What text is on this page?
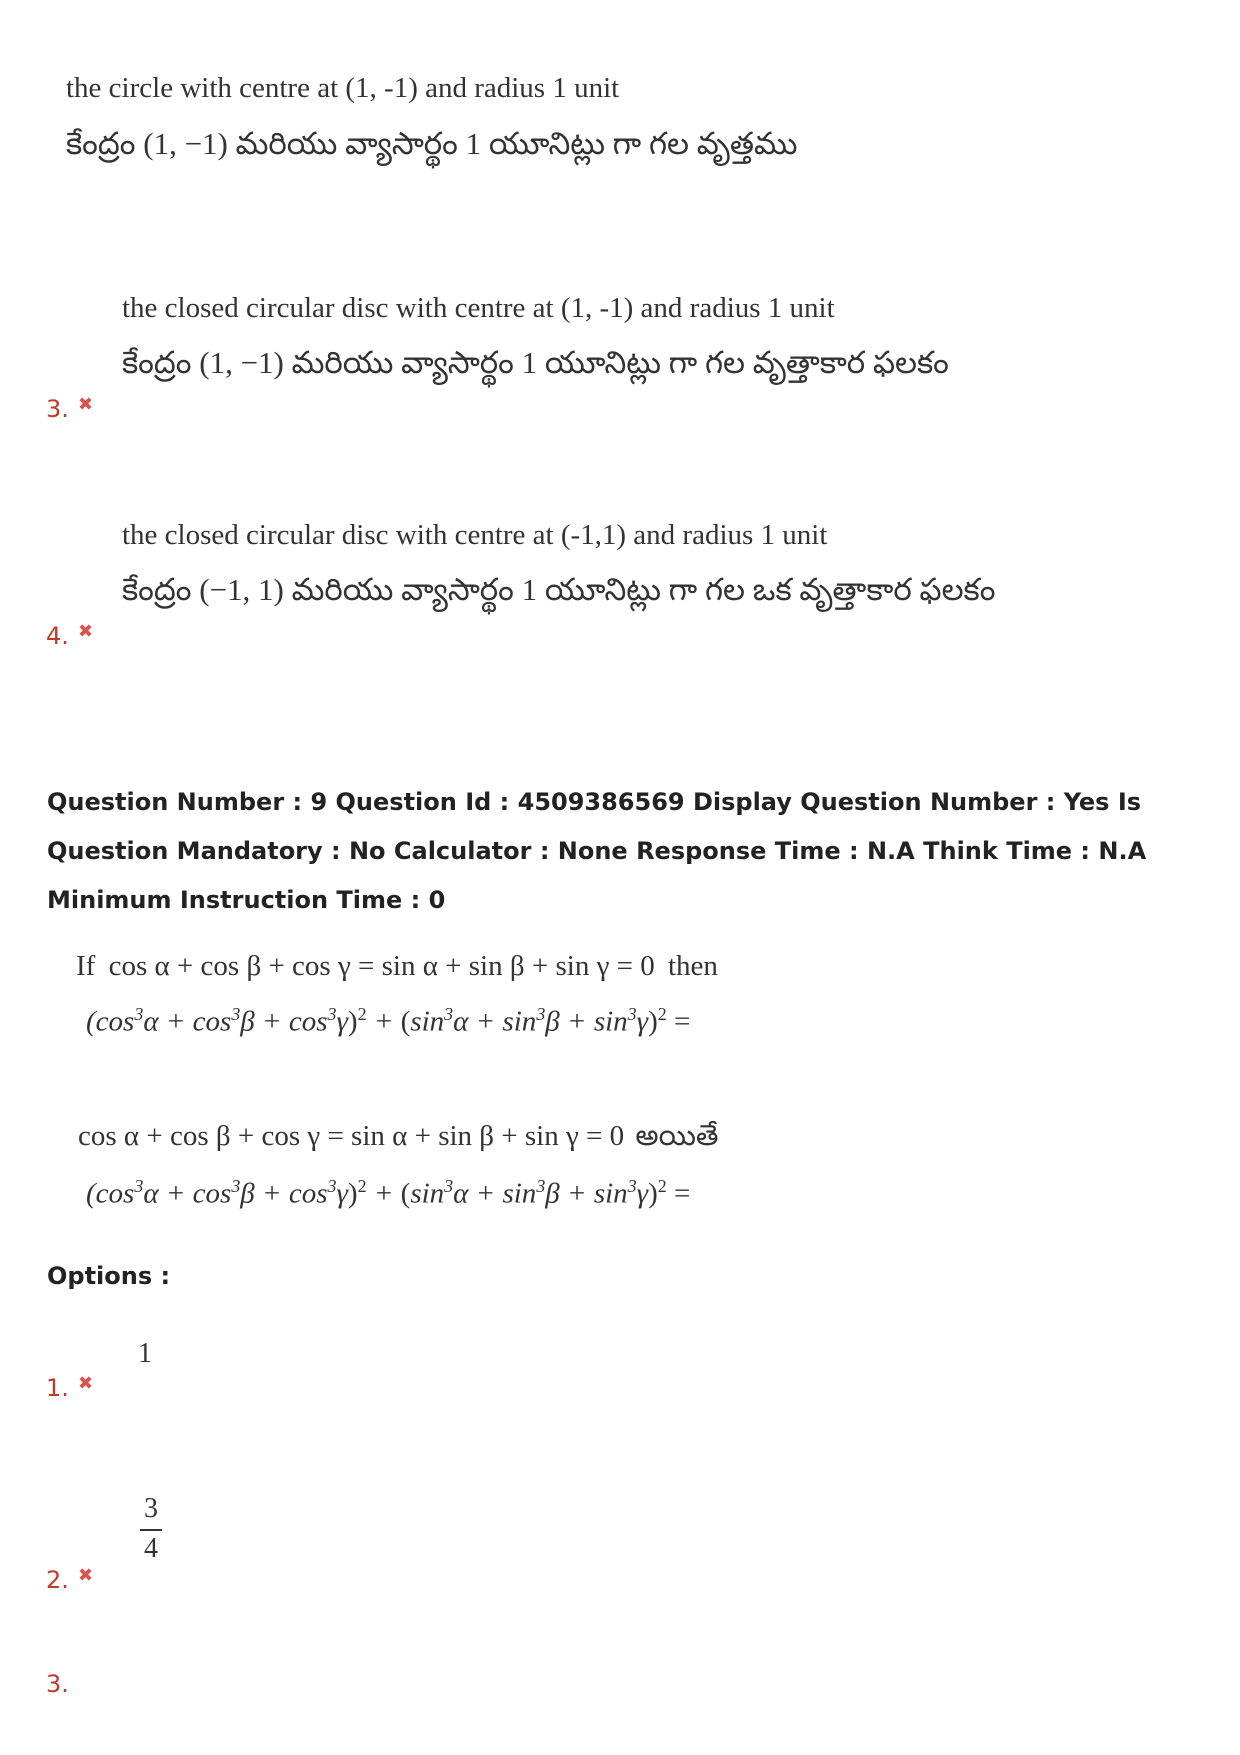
the circle with centre at (1, -1) and radius 1 unit
కేంద్రం (1, −1) మరియు వ్యాసార్థం 1 యూనిట్లు గా గల వృత్తము
the closed circular disc with centre at (1, -1) and radius 1 unit
కేంద్రం (1, −1) మరియు వ్యాసార్థం 1 యూనిట్లు గా గల వృత్తాకార ఫలకం
3. ✖
the closed circular disc with centre at (-1,1) and radius 1 unit
కేంద్రం (−1, 1) మరియు వ్యాసార్థం 1 యూనిట్లు గా గల ఒక వృత్తాకార ఫలకం
4. ✖
Question Number : 9 Question Id : 4509386569 Display Question Number : Yes Is Question Mandatory : No Calculator : None Response Time : N.A Think Time : N.A Minimum Instruction Time : 0
If cos α + cos β + cos γ = sin α + sin β + sin γ = 0 then
$(\cos^3\alpha + \cos^3\beta + \cos^3\gamma)^2 + (\sin^3\alpha + \sin^3\beta + \sin^3\gamma)^2$ =
cos α + cos β + cos γ = sin α + sin β + sin γ = 0 అయితే
$(\cos^3\alpha + \cos^3\beta + \cos^3\gamma)^2 + (\sin^3\alpha + \sin^3\beta + \sin^3\gamma)^2$ =
Options :
1
1. ✖
3
4
2. ✖
3.
